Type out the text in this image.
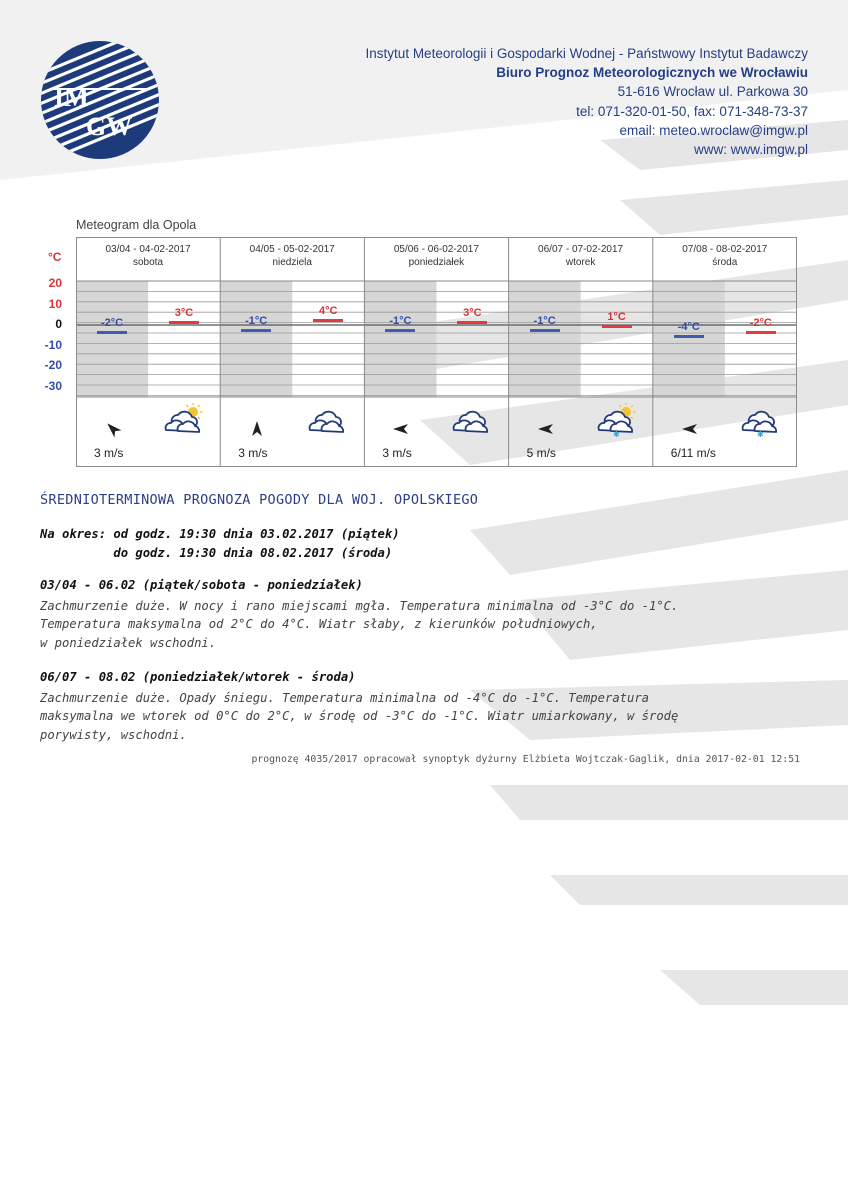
IM
GW
Instytut Meteorologii i Gospodarki Wodnej - Państwowy Instytut Badawczy
Biuro Prognoz Meteorologicznych we Wrocławiu
51-616 Wrocław ul. Parkowa 30
tel: 071-320-01-50, fax: 071-348-73-37
email: meteo.wroclaw@imgw.pl
www: www.imgw.pl
Meteogram dla Opola
°C
20
10
0
-10
-20
-30
03/04 - 04-02-2017
sobota
-2°C
3°C
3 m/s
04/05 - 05-02-2017
niedziela
-1°C
4°C
3 m/s
05/06 - 06-02-2017
poniedziałek
-1°C
3°C
3 m/s
06/07 - 07-02-2017
wtorek
-1°C	1°C
✱
5 m/s
07/08 - 08-02-2017
środa
-4°C	-2°C
✱
6/11 m/s
ŚREDNIOTERMINOWA PROGNOZA POGODY DLA WOJ. OPOLSKIEGO
Na okres: od godz. 19:30 dnia 03.02.2017 (piątek)
do godz. 19:30 dnia 08.02.2017 (środa)
03/04 - 06.02 (piątek/sobota - poniedziałek)
Zachmurzenie duże. W nocy i rano miejscami mgła. Temperatura minimalna od -3°C do -1°C.
Temperatura maksymalna od 2°C do 4°C. Wiatr słaby, z kierunków południowych,
w poniedziałek wschodni.
06/07 - 08.02 (poniedziałek/wtorek - środa)
Zachmurzenie duże. Opady śniegu. Temperatura minimalna od -4°C do -1°C. Temperatura
maksymalna we wtorek od 0°C do 2°C, w środę od -3°C do -1°C. Wiatr umiarkowany, w środę
porywisty, wschodni.
prognozę 4035/2017 opracował synoptyk dyżurny Elżbieta Wojtczak-Gaglik, dnia 2017-02-01 12:51
